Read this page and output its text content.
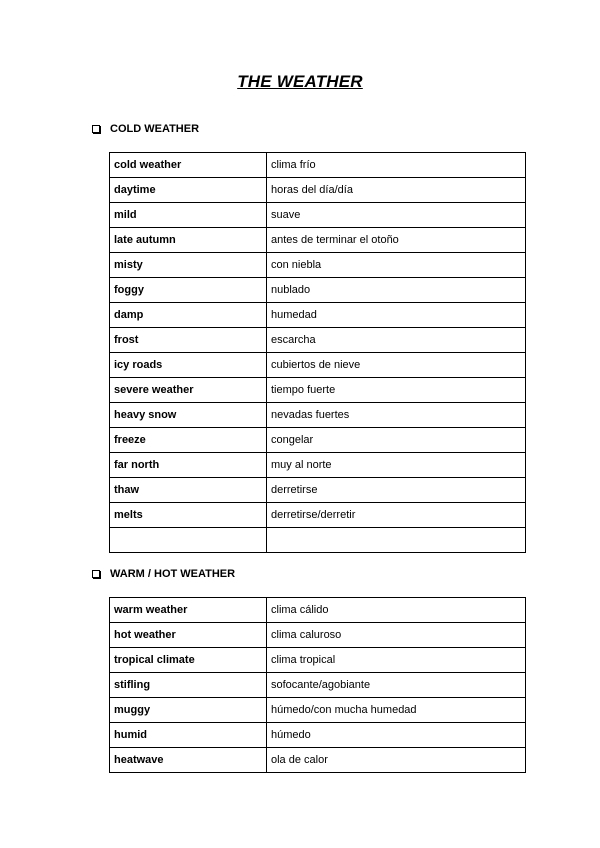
THE WEATHER
COLD WEATHER
cold weather	clima frío
daytime	horas del día/día
mild	suave
late autumn	antes de terminar el otoño
misty	con niebla
foggy	nublado
damp	humedad
frost	escarcha
icy roads	cubiertos de nieve
severe weather	tiempo fuerte
heavy snow	nevadas fuertes
freeze	congelar
far north	muy al norte
thaw	derretirse
melts	derretirse/derretir

WARM / HOT WEATHER
warm weather	clima cálido
hot weather	clima caluroso
tropical climate	clima tropical
stifling	sofocante/agobiante
muggy	húmedo/con mucha humedad
humid	húmedo
heatwave	ola de calor
